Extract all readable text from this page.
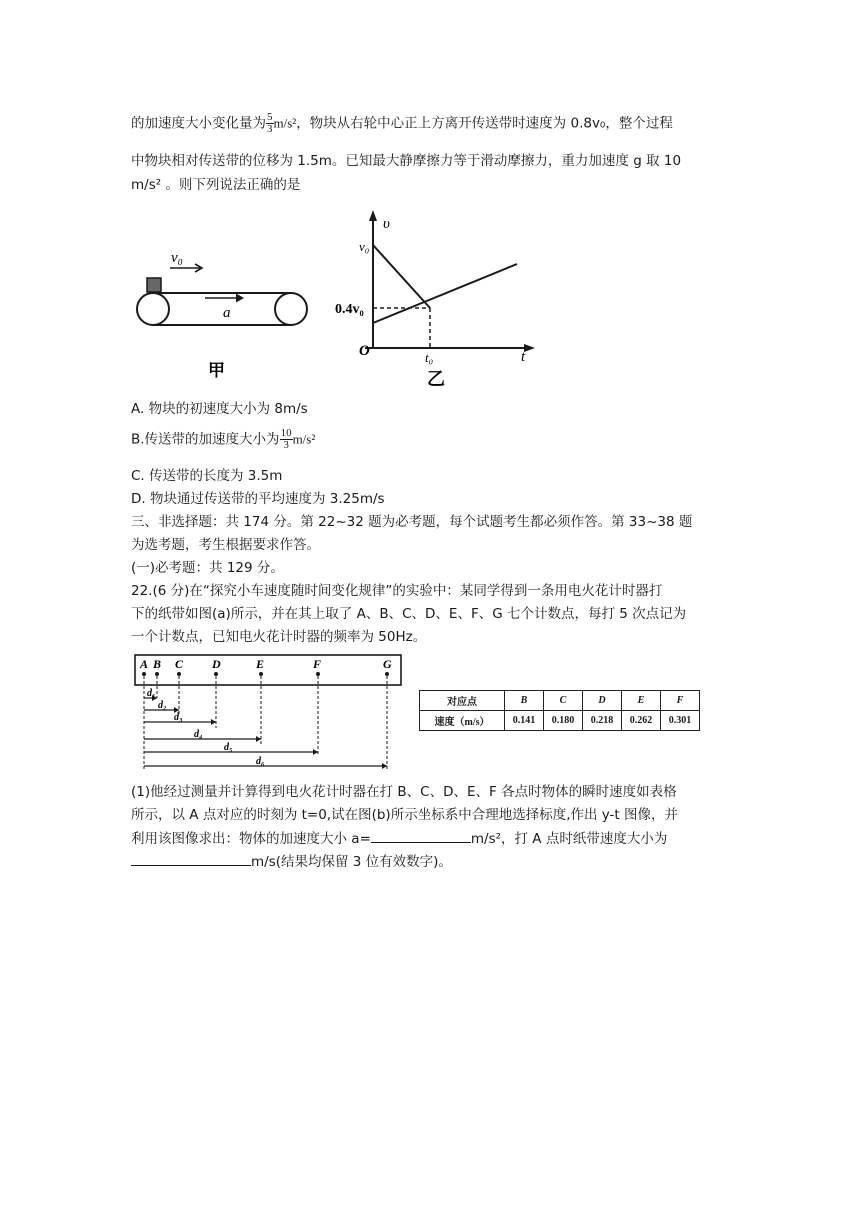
的加速度大小变化量为 $\frac{5}{3} m/s^2$，物块从右轮中心正上方离开传送带时速度为 0.8v₀，整个过程
中物块相对传送带的位移为 1.5m。已知最大静摩擦力等于滑动摩擦力，重力加速度 g 取 10
m/s² 。则下列说法正确的是
v₀
a
甲
υ
t
O
v₀
0.4v₀
t₀
乙
A. 物块的初速度大小为 8m/s
B.传送带的加速度大小为 $\frac{10}{3} m/s^2$
C. 传送带的长度为 3.5m
D. 物块通过传送带的平均速度为 3.25m/s
三、非选择题：共 174 分。第 22~32 题为必考题，每个试题考生都必须作答。第 33~38 题
为选考题，考生根据要求作答。
(一)必考题：共 129 分。
22.(6 分)在“探究小车速度随时间变化规律”的实验中：某同学得到一条用电火花计时器打
下的纸带如图(a)所示，并在其上取了 A、B、C、D、E、F、G 七个计数点，每打 5 次点记为
一个计数点，已知电火花计时器的频率为 50Hz。
A B C D	E	F	G
d₁
d₂
d₃
d₄
d₅
d₆
对应点	B	C	D	E	F
速度（m/s）	0.141	0.180	0.218	0.262	0.301
(1)他经过测量并计算得到电火花计时器在打 B、C、D、E、F 各点时物体的瞬时速度如表格
所示，以 A 点对应的时刻为 t=0,试在图(b)所示坐标系中合理地选择标度,作出 y-t 图像，并
利用该图像求出：物体的加速度大小 a=	m/s²，打 A 点时纸带速度大小为
m/s(结果均保留 3 位有效数字)。
